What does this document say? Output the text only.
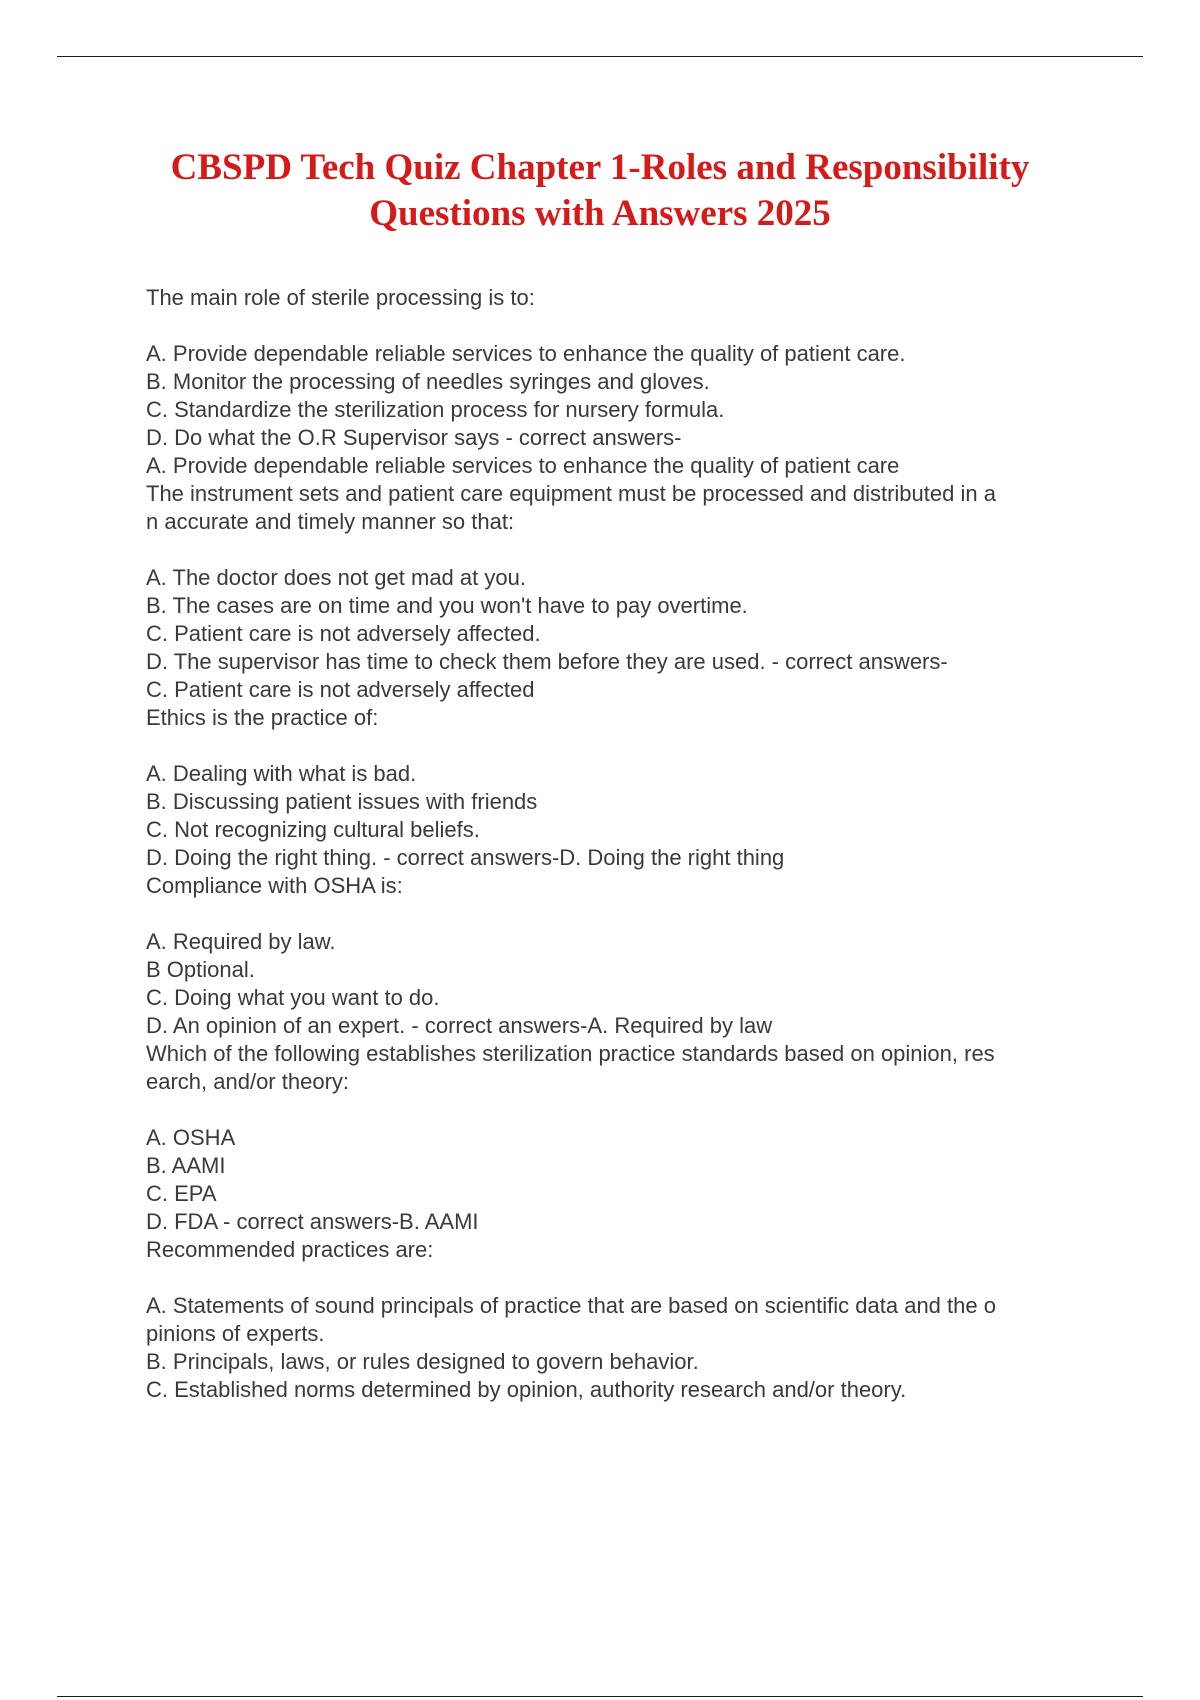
CBSPD Tech Quiz Chapter 1-Roles and Responsibility
Questions with Answers 2025

The main role of sterile processing is to:

A. Provide dependable reliable services to enhance the quality of patient care.

B. Monitor the processing of needles syringes and gloves.

C. Standardize the sterilization process for nursery formula.

D. Do what the O.R Supervisor says - correct answers-

A. Provide dependable reliable services to enhance the quality of patient care

The instrument sets and patient care equipment must be processed and distributed in a

n accurate and timely manner so that:

A. The doctor does not get mad at you.

B. The cases are on time and you won't have to pay overtime.

C. Patient care is not adversely affected.

D. The supervisor has time to check them before they are used. - correct answers-

C. Patient care is not adversely affected

Ethics is the practice of:

A. Dealing with what is bad.

B. Discussing patient issues with friends

C. Not recognizing cultural beliefs.

D. Doing the right thing. - correct answers-D. Doing the right thing

Compliance with OSHA is:

A. Required by law.

B Optional.

C. Doing what you want to do.

D. An opinion of an expert. - correct answers-A. Required by law

Which of the following establishes sterilization practice standards based on opinion, res

earch, and/or theory:

A. OSHA

B. AAMI

C. EPA

D. FDA - correct answers-B. AAMI

Recommended practices are:

A. Statements of sound principals of practice that are based on scientific data and the o

pinions of experts.

B. Principals, laws, or rules designed to govern behavior.

C. Established norms determined by opinion, authority research and/or theory.
